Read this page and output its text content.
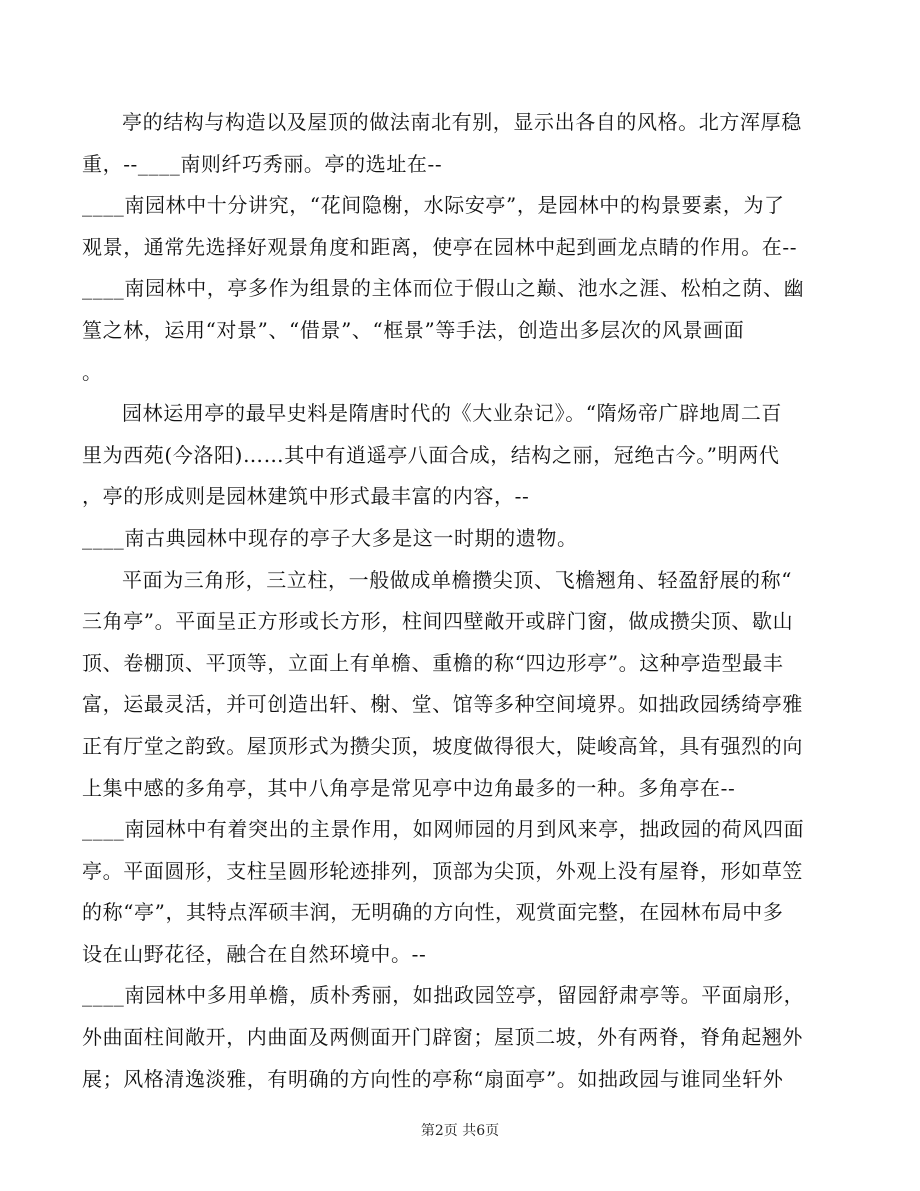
亭的结构与构造以及屋顶的做法南北有别，显示出各自的风格。北方浑厚稳
重，--____南则纤巧秀丽。亭的选址在--
____南园林中十分讲究，“花间隐榭，水际安亭”，是园林中的构景要素，为了
观景，通常先选择好观景角度和距离，使亭在园林中起到画龙点睛的作用。在--
____南园林中，亭多作为组景的主体而位于假山之巅、池水之涯、松柏之荫、幽
篁之林，运用“对景”、“借景”、“框景”等手法，创造出多层次的风景画面
。
园林运用亭的最早史料是隋唐时代的《大业杂记》。“隋炀帝广辟地周二百
里为西苑(今洛阳)……其中有逍遥亭八面合成，结构之丽，冠绝古今。”明两代
，亭的形成则是园林建筑中形式最丰富的内容，--
____南古典园林中现存的亭子大多是这一时期的遗物。
平面为三角形，三立柱，一般做成单檐攒尖顶、飞檐翘角、轻盈舒展的称“
三角亭”。平面呈正方形或长方形，柱间四壁敞开或辟门窗，做成攒尖顶、歇山
顶、卷棚顶、平顶等，立面上有单檐、重檐的称“四边形亭”。这种亭造型最丰
富，运最灵活，并可创造出轩、榭、堂、馆等多种空间境界。如拙政园绣绮亭雅
正有厅堂之韵致。屋顶形式为攒尖顶，坡度做得很大，陡峻高耸，具有强烈的向
上集中感的多角亭，其中八角亭是常见亭中边角最多的一种。多角亭在--
____南园林中有着突出的主景作用，如网师园的月到风来亭，拙政园的荷风四面
亭。平面圆形，支柱呈圆形轮迹排列，顶部为尖顶，外观上没有屋脊，形如草笠
的称“亭”，其特点浑硕丰润，无明确的方向性，观赏面完整，在园林布局中多
设在山野花径，融合在自然环境中。--
____南园林中多用单檐，质朴秀丽，如拙政园笠亭，留园舒肃亭等。平面扇形，
外曲面柱间敞开，内曲面及两侧面开门辟窗；屋顶二坡，外有两脊，脊角起翘外
展；风格清逸淡雅，有明确的方向性的亭称“扇面亭”。如拙政园与谁同坐轩外
第2页 共6页
